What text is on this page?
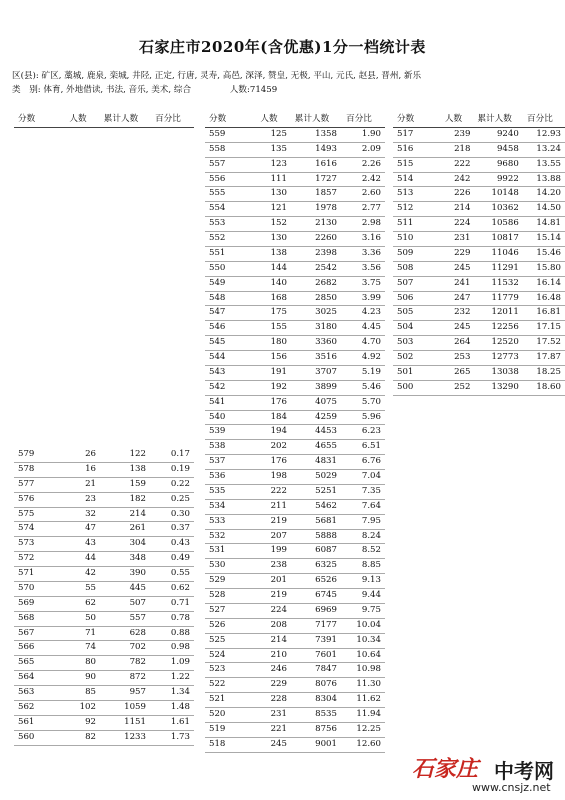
石家庄市2020年(含优惠)1分一档统计表
区(县): 矿区, 藁城, 鹿泉, 栾城, 井陉, 正定, 行唐, 灵寿, 高邑, 深泽, 赞皇, 无极, 平山, 元氏, 赵县, 晋州, 新乐
类　别: 体育, 外地借读, 书法, 音乐, 美术, 综合	人数:71459
分数	人数	累计人数	百分比
579	26	122	0.17
578	16	138	0.19
577	21	159	0.22
576	23	182	0.25
575	32	214	0.30
574	47	261	0.37
573	43	304	0.43
572	44	348	0.49
571	42	390	0.55
570	55	445	0.62
569	62	507	0.71
568	50	557	0.78
567	71	628	0.88
566	74	702	0.98
565	80	782	1.09
564	90	872	1.22
563	85	957	1.34
562	102	1059	1.48
561	92	1151	1.61
560	82	1233	1.73
分数	人数	累计人数	百分比
559	125	1358	1.90
558	135	1493	2.09
557	123	1616	2.26
556	111	1727	2.42
555	130	1857	2.60
554	121	1978	2.77
553	152	2130	2.98
552	130	2260	3.16
551	138	2398	3.36
550	144	2542	3.56
549	140	2682	3.75
548	168	2850	3.99
547	175	3025	4.23
546	155	3180	4.45
545	180	3360	4.70
544	156	3516	4.92
543	191	3707	5.19
542	192	3899	5.46
541	176	4075	5.70
540	184	4259	5.96
539	194	4453	6.23
538	202	4655	6.51
537	176	4831	6.76
536	198	5029	7.04
535	222	5251	7.35
534	211	5462	7.64
533	219	5681	7.95
532	207	5888	8.24
531	199	6087	8.52
530	238	6325	8.85
529	201	6526	9.13
528	219	6745	9.44
527	224	6969	9.75
526	208	7177	10.04
525	214	7391	10.34
524	210	7601	10.64
523	246	7847	10.98
522	229	8076	11.30
521	228	8304	11.62
520	231	8535	11.94
519	221	8756	12.25
518	245	9001	12.60
分数	人数	累计人数	百分比
517	239	9240	12.93
516	218	9458	13.24
515	222	9680	13.55
514	242	9922	13.88
513	226	10148	14.20
512	214	10362	14.50
511	224	10586	14.81
510	231	10817	15.14
509	229	11046	15.46
508	245	11291	15.80
507	241	11532	16.14
506	247	11779	16.48
505	232	12011	16.81
504	245	12256	17.15
503	264	12520	17.52
502	253	12773	17.87
501	265	13038	18.25
500	252	13290	18.60
石家庄 中考网
www.cnsjz.net
